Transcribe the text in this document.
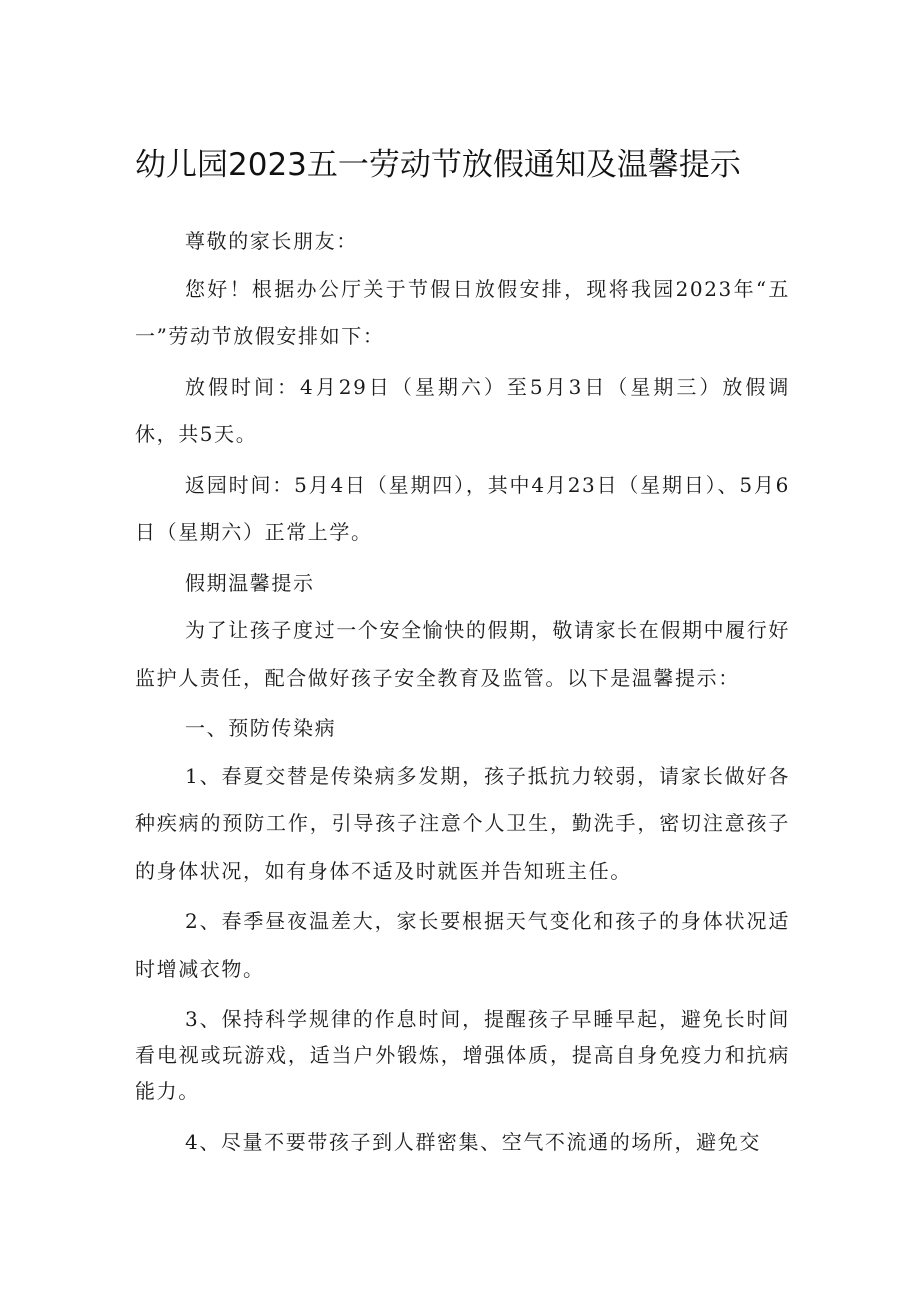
幼儿园2023五一劳动节放假通知及温馨提示

尊敬的家长朋友：

您好！根据办公厅关于节假日放假安排，现将我园2023年“五一”劳动节放假安排如下：

放假时间：4月29日（星期六）至5月3日（星期三）放假调休，共5天。

返园时间：5月4日（星期四），其中4月23日（星期日）、5月6日（星期六）正常上学。

假期温馨提示

为了让孩子度过一个安全愉快的假期，敬请家长在假期中履行好监护人责任，配合做好孩子安全教育及监管。以下是温馨提示：

一、预防传染病

1、春夏交替是传染病多发期，孩子抵抗力较弱，请家长做好各种疾病的预防工作，引导孩子注意个人卫生，勤洗手，密切注意孩子的身体状况，如有身体不适及时就医并告知班主任。

2、春季昼夜温差大，家长要根据天气变化和孩子的身体状况适时增减衣物。

3、保持科学规律的作息时间，提醒孩子早睡早起，避免长时间看电视或玩游戏，适当户外锻炼，增强体质，提高自身免疫力和抗病能力。

4、尽量不要带孩子到人群密集、空气不流通的场所，避免交
